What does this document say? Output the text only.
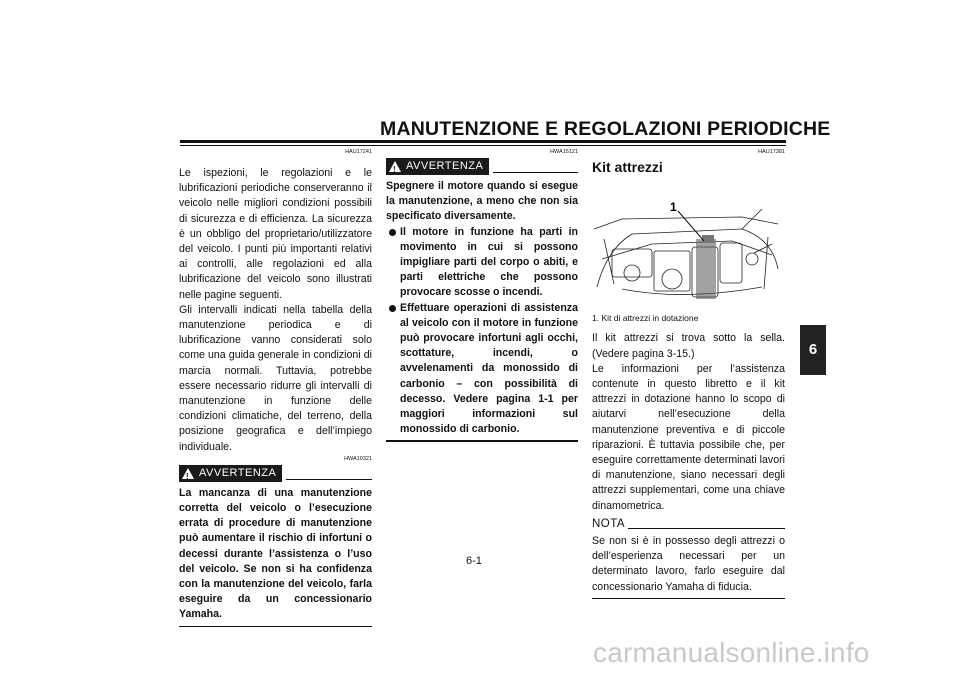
MANUTENZIONE E REGOLAZIONI PERIODICHE
6
HAU17241

Le ispezioni, le regolazioni e le lubrificazioni periodiche conserveranno il veicolo nelle migliori condizioni possibili di sicurezza e di efficienza. La sicurezza è un obbligo del proprietario/utilizzatore del veicolo. I punti più importanti relativi ai controlli, alle regolazioni ed alla lubrificazione del veicolo sono illustrati nelle pagine seguenti.

Gli intervalli indicati nella tabella della manutenzione periodica e di lubrificazione vanno considerati solo come una guida generale in condizioni di marcia normali. Tuttavia, potrebbe essere necessario ridurre gli intervalli di manutenzione in funzione delle condizioni climatiche, del terreno, della posizione geografica e dell’impiego individuale.

HWA10321
!
AVVERTENZA
La mancanza di una manutenzione corretta del veicolo o l’esecuzione errata di procedure di manutenzione può aumentare il rischio di infortuni o decessi durante l’assistenza o l’uso del veicolo. Se non si ha confidenza con la manutenzione del veicolo, farla eseguire da un concessionario Yamaha.
HWA15121
!
AVVERTENZA
Spegnere il motore quando si esegue la manutenzione, a meno che non sia specificato diversamente.
Il motore in funzione ha parti in movimento in cui si possono impigliare parti del corpo o abiti, e parti elettriche che possono provocare scosse o incendi.
Effettuare operazioni di assistenza al veicolo con il motore in funzione può provocare infortuni agli occhi, scottature, incendi, o avvelenamenti da monossido di carbonio – con possibilità di decesso. Vedere pagina 1-1 per maggiori informazioni sul monossido di carbonio.
HAU17381
Kit attrezzi
1
1. Kit di attrezzi in dotazione

Il kit attrezzi si trova sotto la sella. (Vedere pagina 3-15.)

Le informazioni per l’assistenza contenute in questo libretto e il kit attrezzi in dotazione hanno lo scopo di aiutarvi nell’esecuzione della manutenzione preventiva e di piccole riparazioni. È tuttavia possibile che, per eseguire correttamente determinati lavori di manutenzione, siano necessari degli attrezzi supplementari, come una chiave dinamometrica.

NOTA
Se non si è in possesso degli attrezzi o dell’esperienza necessari per un determinato lavoro, farlo eseguire dal concessionario Yamaha di fiducia.
6-1
carmanualsonline.info
